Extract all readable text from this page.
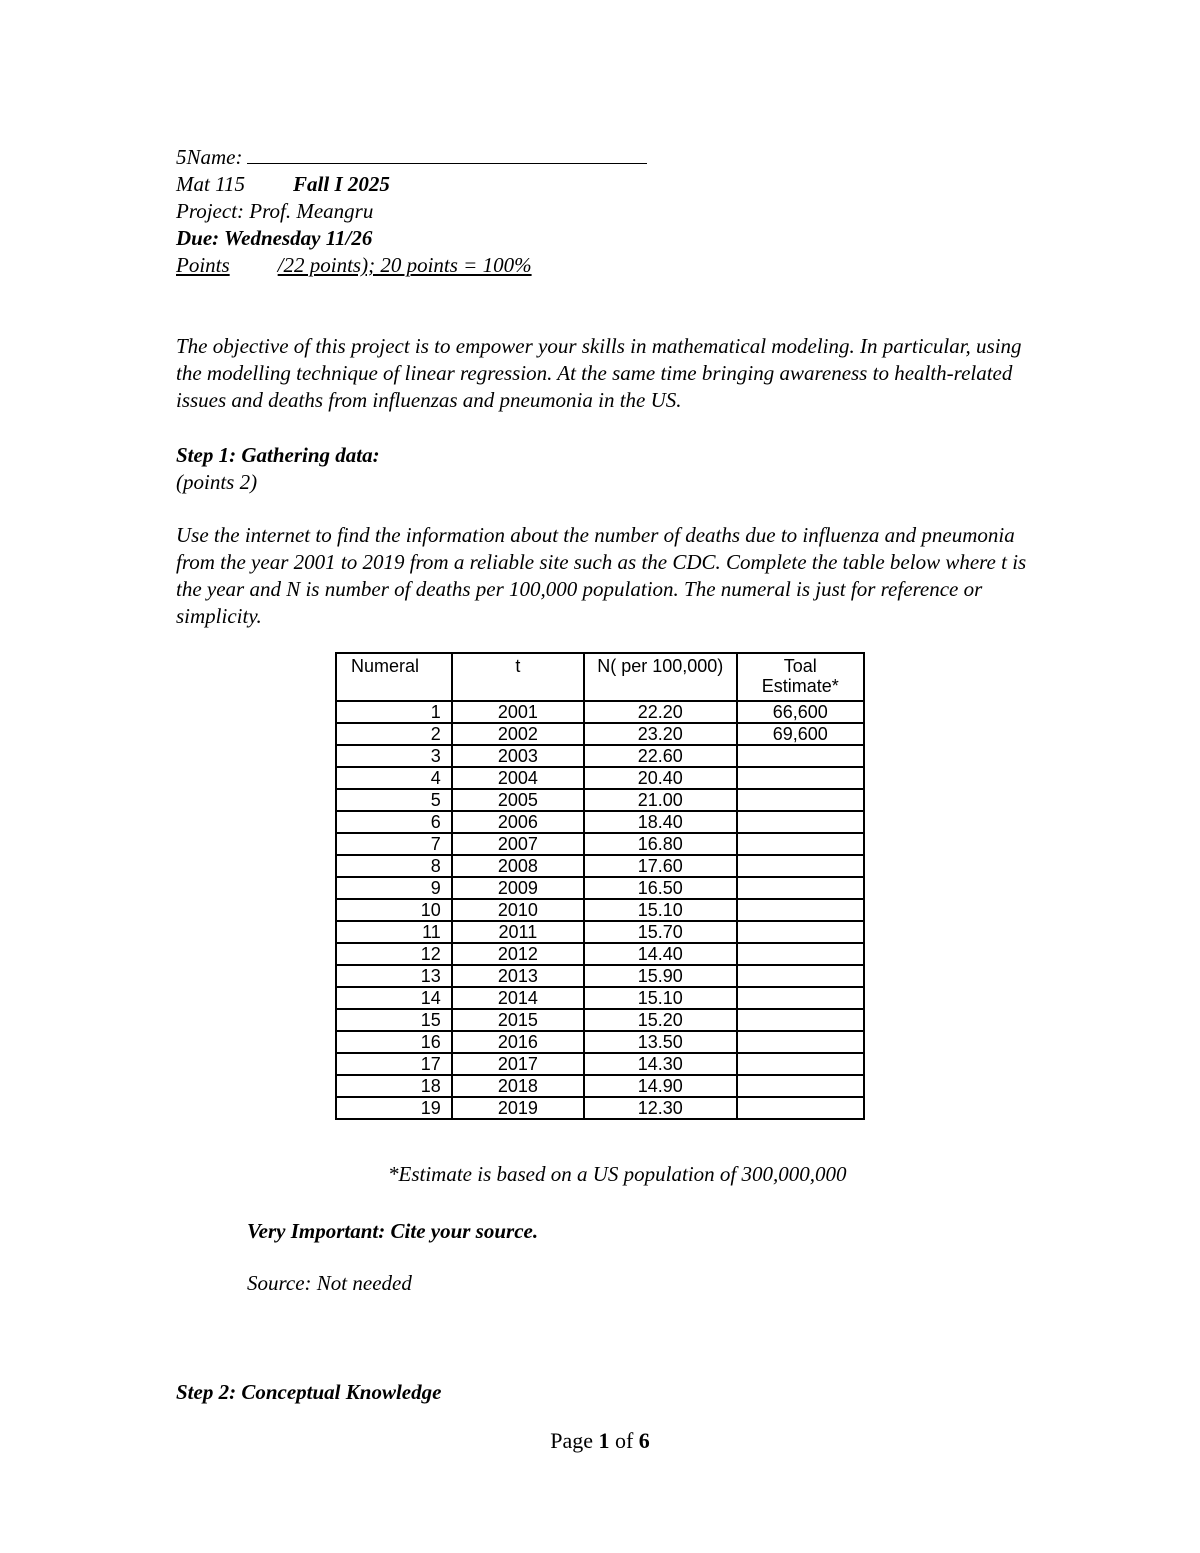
5Name:
Mat 115 Fall I 2025
Project: Prof. Meangru
Due: Wednesday 11/26
Points /22 points); 20 points = 100%
The objective of this project is to empower your skills in mathematical modeling. In particular, using the modelling technique of linear regression. At the same time bringing awareness to health-related issues and deaths from influenzas and pneumonia in the US.
Step 1: Gathering data:
(points 2)
Use the internet to find the information about the number of deaths due to influenza and pneumonia from the year 2001 to 2019 from a reliable site such as the CDC. Complete the table below where t is the year and N is number of deaths per 100,000 population. The numeral is just for reference or simplicity.
Numeral	t	N( per 100,000)	Toal Estimate*
1	2001	22.20	66,600
2	2002	23.20	69,600
3	2003	22.60	
4	2004	20.40	
5	2005	21.00	
6	2006	18.40	
7	2007	16.80	
8	2008	17.60	
9	2009	16.50	
10	2010	15.10	
11	2011	15.70	
12	2012	14.40	
13	2013	15.90	
14	2014	15.10	
15	2015	15.20	
16	2016	13.50	
17	2017	14.30	
18	2018	14.90	
19	2019	12.30	
*Estimate is based on a US population of 300,000,000
Very Important: Cite your source.
Source: Not needed
Step 2: Conceptual Knowledge
Page 1 of 6
